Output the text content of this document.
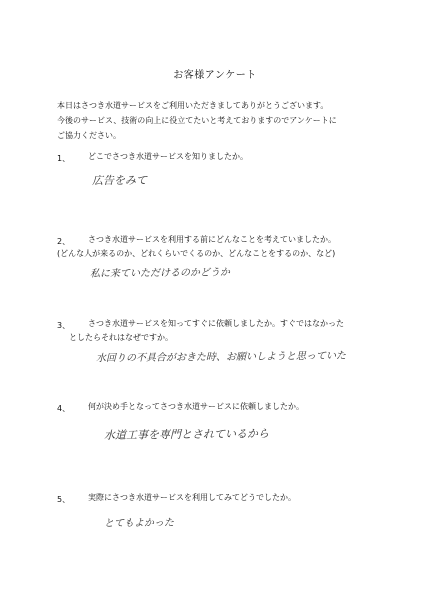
お客様アンケート
本日はさつき水道サービスをご利用いただきましてありがとうございます。
今後のサービス、技術の向上に役立てたいと考えておりますのでアンケートに
ご協力ください。
1、 どこでさつき水道サービスを知りましたか。
広告をみて
2、	さつき水道サービスを利用する前にどんなことを考えていましたか。
(どんな人が来るのか、どれくらいでくるのか、どんなことをするのか、など)
私に来ていただけるのかどうか
3、 さつき水道サービスを知ってすぐに依頼しましたか。すぐではなかった
としたらそれはなぜですか。
水回りの不具合がおきた時、お願いしようと思っていた
4、 何が決め手となってさつき水道サービスに依頼しましたか。
水道工事を専門とされているから
5、 実際にさつき水道サービスを利用してみてどうでしたか。
とてもよかった
